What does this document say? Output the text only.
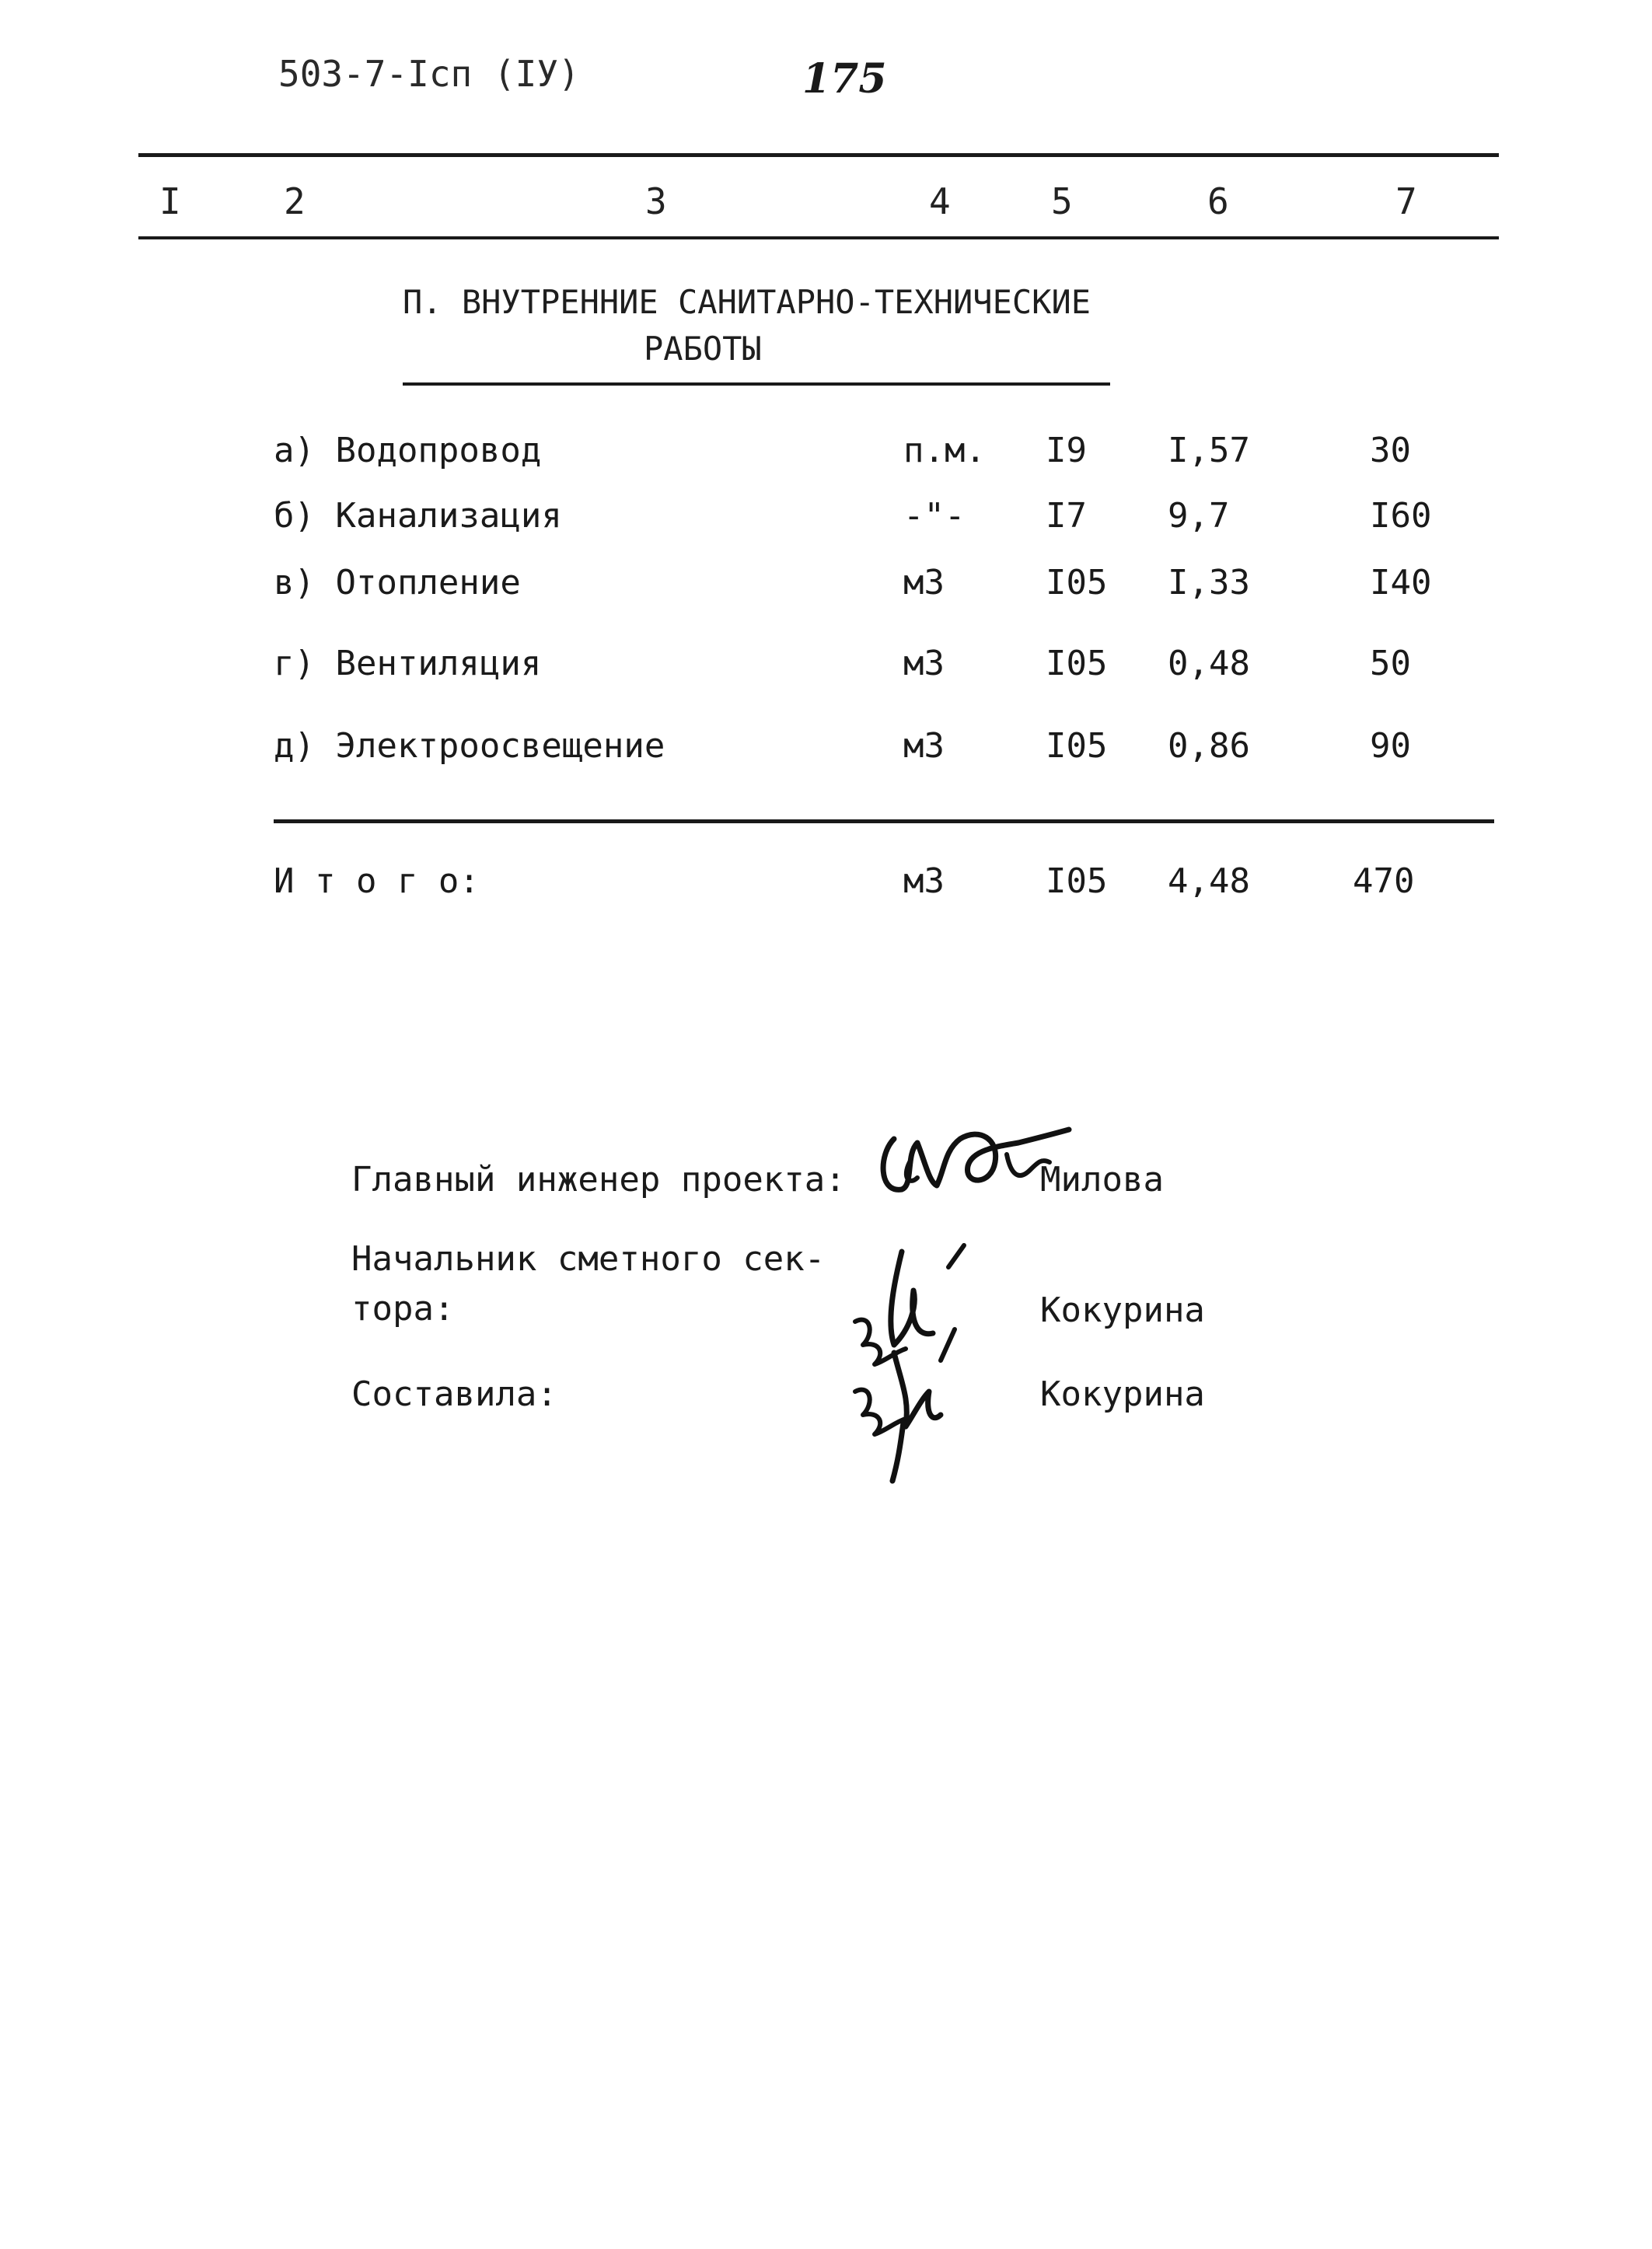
503-7-Iсп (IУ)	175
I	2	3	4	5	6	7
П. ВНУТРЕННИЕ САНИТАРНО-ТЕХНИЧЕСКИЕ
РАБОТЫ
а) Водопровод	п.м. I9 I,57	30
б) Канализация	-"- I7 9,7	I60
в) Отопление	м3	I05 I,33	I40
г) Вентиляция	м3	I05 0,48	50
д) Электроосвещение	м3	I05 0,86	90
И т о г о:	м3	I05 4,48	470
Главный инженер проекта:	Милова
Начальник сметного сек-
тора:	Кокурина
Составила:	Кокурина
